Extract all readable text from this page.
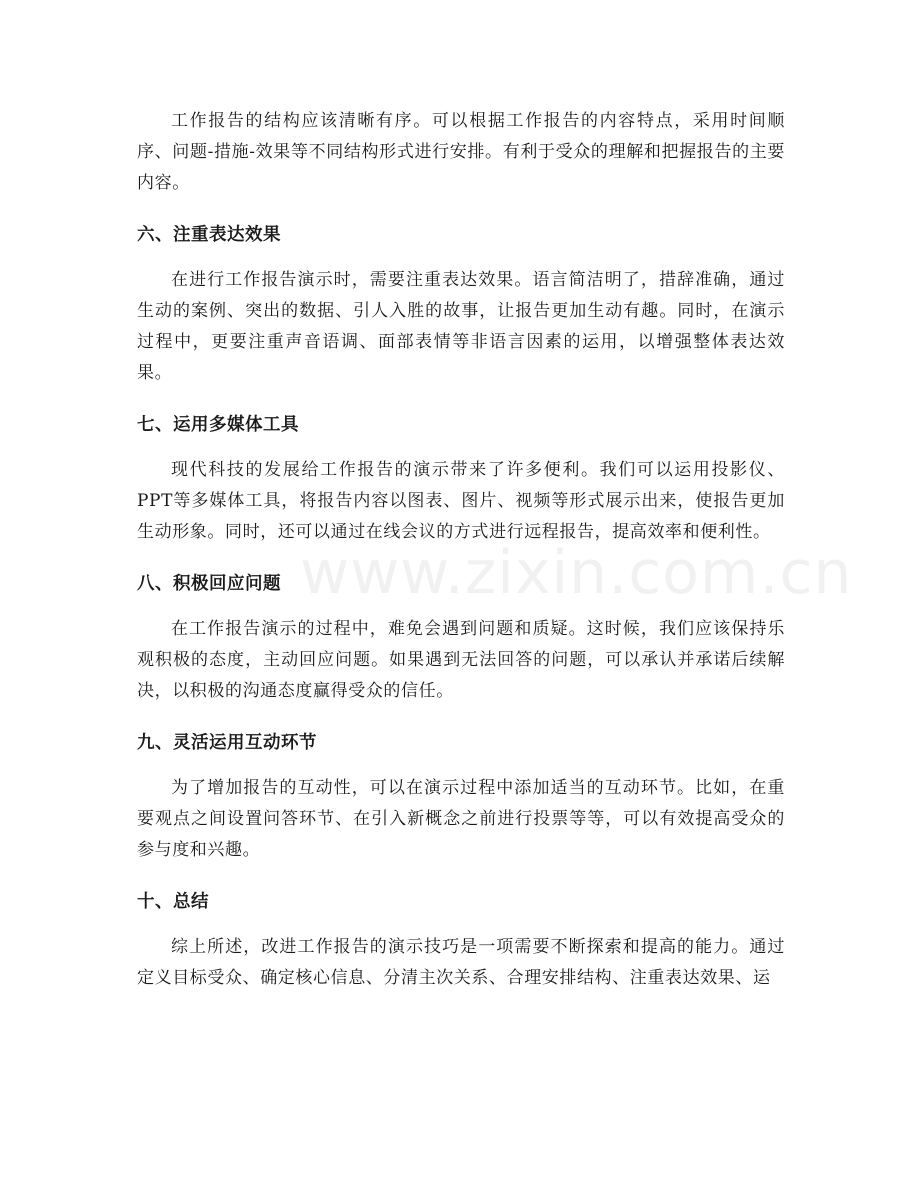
工作报告的结构应该清晰有序。可以根据工作报告的内容特点，采用时间顺序、问题-措施-效果等不同结构形式进行安排。有利于受众的理解和把握报告的主要内容。

六、注重表达效果

在进行工作报告演示时，需要注重表达效果。语言简洁明了，措辞准确，通过生动的案例、突出的数据、引人入胜的故事，让报告更加生动有趣。同时，在演示过程中，更要注重声音语调、面部表情等非语言因素的运用，以增强整体表达效果。

七、运用多媒体工具

现代科技的发展给工作报告的演示带来了许多便利。我们可以运用投影仪、PPT等多媒体工具，将报告内容以图表、图片、视频等形式展示出来，使报告更加生动形象。同时，还可以通过在线会议的方式进行远程报告，提高效率和便利性。

八、积极回应问题

在工作报告演示的过程中，难免会遇到问题和质疑。这时候，我们应该保持乐观积极的态度，主动回应问题。如果遇到无法回答的问题，可以承认并承诺后续解决，以积极的沟通态度赢得受众的信任。

九、灵活运用互动环节

为了增加报告的互动性，可以在演示过程中添加适当的互动环节。比如，在重要观点之间设置问答环节、在引入新概念之前进行投票等等，可以有效提高受众的参与度和兴趣。

十、总结

综上所述，改进工作报告的演示技巧是一项需要不断探索和提高的能力。通过定义目标受众、确定核心信息、分清主次关系、合理安排结构、注重表达效果、运

www.zixin.com.cn
